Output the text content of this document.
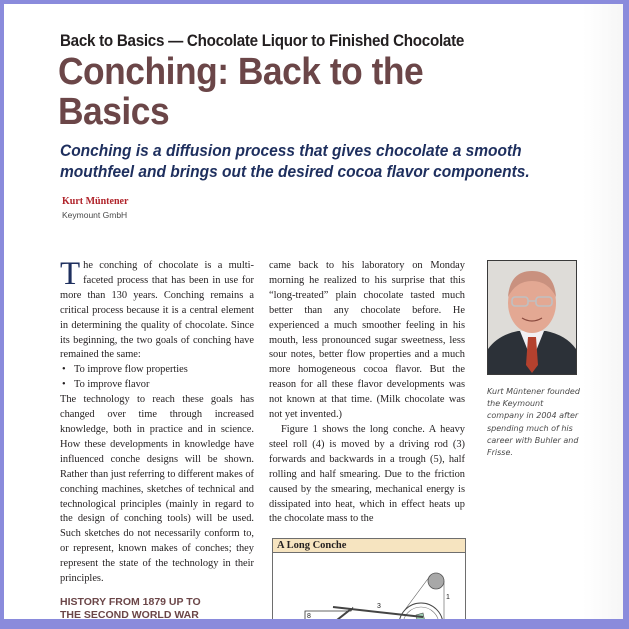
Back to Basics — Chocolate Liquor to Finished Chocolate
Conching: Back to the
Basics
Conching is a diffusion process that gives chocolate a smooth
mouthfeel and brings out the desired cocoa flavor components.
Kurt Müntener
Keymount GmbH

The conching of chocolate is a multi-faceted process that has been in use for more than 130 years. Conching remains a critical process because it is a central element in determining the quality of chocolate. Since its beginning, the two goals of conching have remained the same:

• To improve flow properties
• To improve flavor

The technology to reach these goals has changed over time through increased knowledge, both in practice and in science. How these developments in knowledge have influenced conche designs will be shown. Rather than just referring to different makes of conching machines, sketches of technical and technological principles (mainly in regard to the design of conching tools) will be used. Such sketches do not necessarily conform to, or represent, known makes of conches; they represent the state of the technology in their principles.

HISTORY FROM 1879 UP TO THE SECOND WORLD WAR

came back to his laboratory on Monday morning he realized to his surprise that this “long-treated” plain chocolate tasted much better than any chocolate before. He experienced a much smoother feeling in his mouth, less pronounced sugar sweetness, less sour notes, better flow properties and a much more homogeneous cocoa flavor. But the reason for all these flavor developments was not known at that time. (Milk chocolate was not yet invented.)

Figure 1 shows the long conche. A heavy steel roll (4) is moved by a driving rod (3) forwards and backwards in a trough (5), half rolling and half smearing. Due to the friction caused by the smearing, mechanical energy is dissipated into heat, which in effect heats up the chocolate mass to the

A Long Conche
1
3
8
Kurt Müntener founded the Keymount company in 2004 after spending much of his career with Buhler and Frisse.
